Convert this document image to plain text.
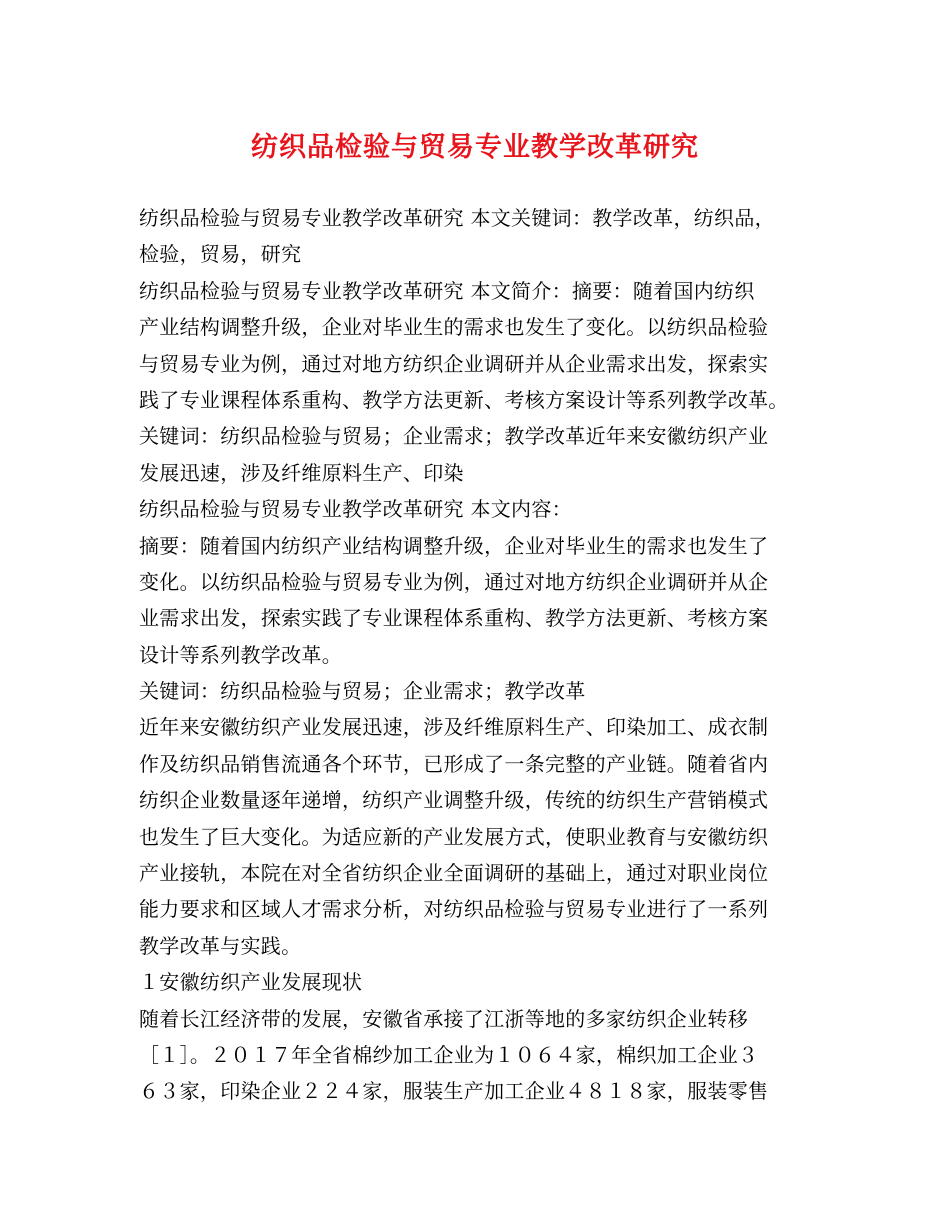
纺织品检验与贸易专业教学改革研究
纺织品检验与贸易专业教学改革研究 本文关键词：教学改革，纺织品，
检验，贸易，研究
纺织品检验与贸易专业教学改革研究 本文简介：摘要：随着国内纺织
产业结构调整升级，企业对毕业生的需求也发生了变化。以纺织品检验
与贸易专业为例，通过对地方纺织企业调研并从企业需求出发，探索实
践了专业课程体系重构、教学方法更新、考核方案设计等系列教学改革。
关键词：纺织品检验与贸易；企业需求；教学改革近年来安徽纺织产业
发展迅速，涉及纤维原料生产、印染
纺织品检验与贸易专业教学改革研究 本文内容：
摘要：随着国内纺织产业结构调整升级，企业对毕业生的需求也发生了
变化。以纺织品检验与贸易专业为例，通过对地方纺织企业调研并从企
业需求出发，探索实践了专业课程体系重构、教学方法更新、考核方案
设计等系列教学改革。
关键词：纺织品检验与贸易；企业需求；教学改革
近年来安徽纺织产业发展迅速，涉及纤维原料生产、印染加工、成衣制
作及纺织品销售流通各个环节，已形成了一条完整的产业链。随着省内
纺织企业数量逐年递增，纺织产业调整升级，传统的纺织生产营销模式
也发生了巨大变化。为适应新的产业发展方式，使职业教育与安徽纺织
产业接轨，本院在对全省纺织企业全面调研的基础上，通过对职业岗位
能力要求和区域人才需求分析，对纺织品检验与贸易专业进行了一系列
教学改革与实践。
１安徽纺织产业发展现状
随着长江经济带的发展，安徽省承接了江浙等地的多家纺织企业转移
［１］。２０１７年全省棉纱加工企业为１０６４家，棉织加工企业３
６３家，印染企业２２４家，服装生产加工企业４８１８家，服装零售
